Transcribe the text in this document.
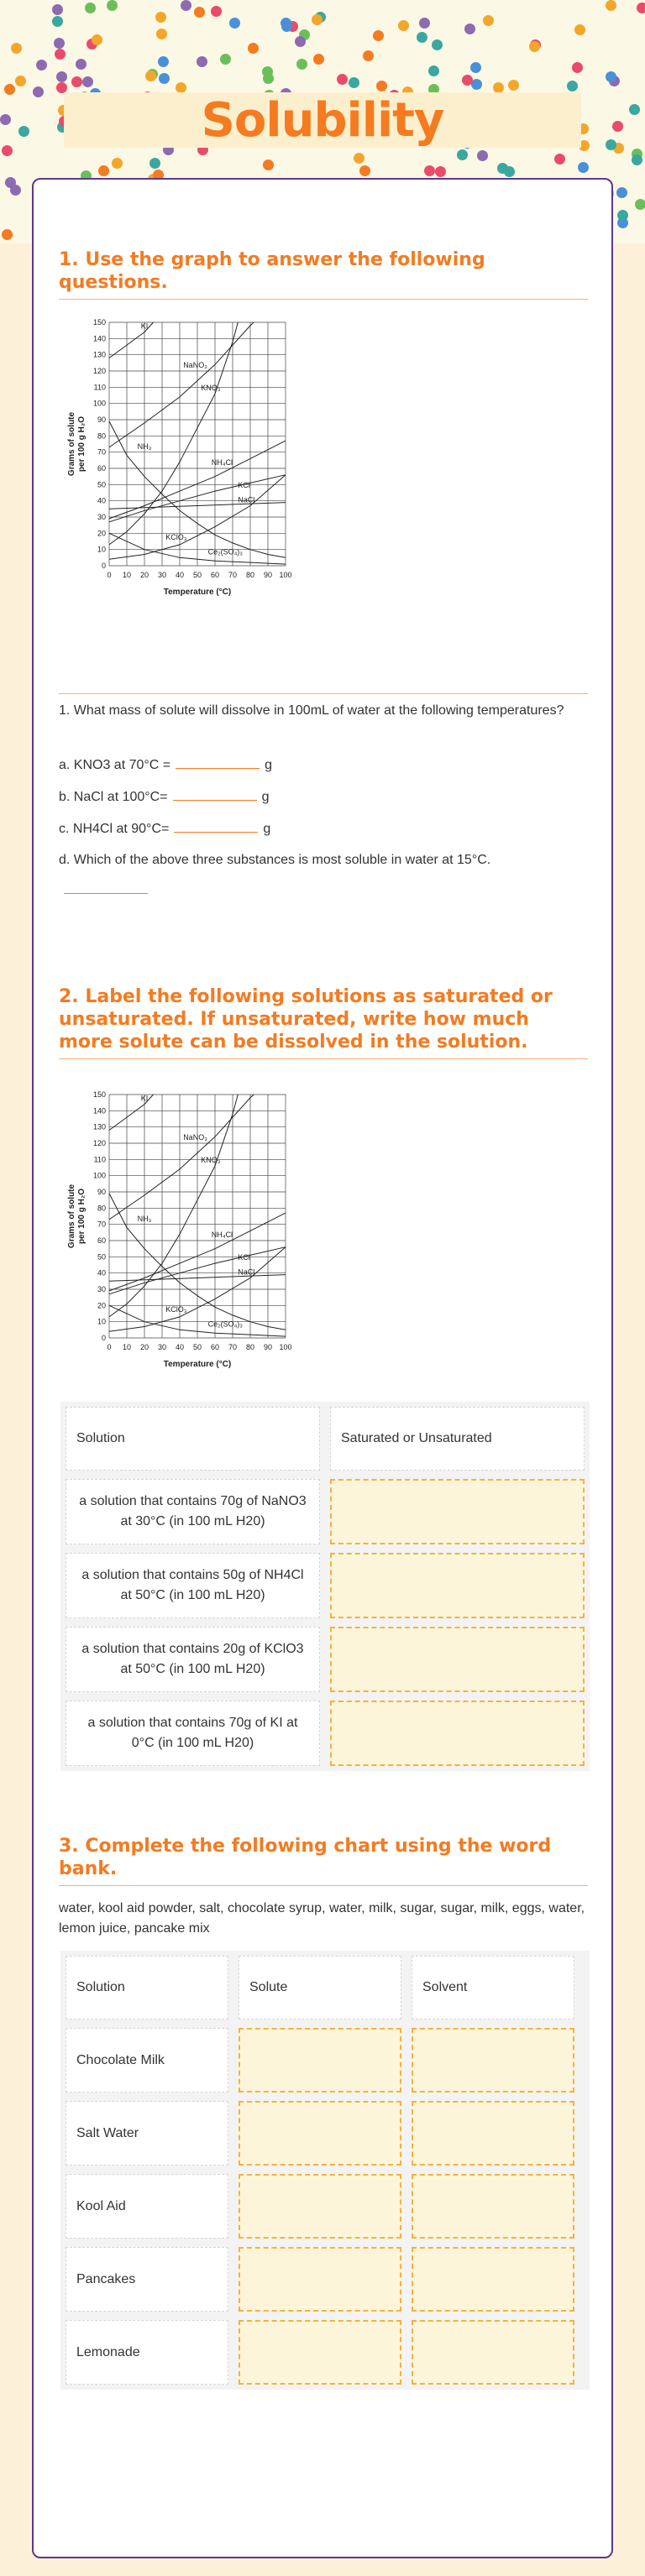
Solubility
1. Use the graph to answer the following questions.
0
10
20
30
40
50
60
70
80
90
100
110
120
130
140
150
0 10 20 30 40 50 60 70 80 90 100
Temperature (°C)
Grams of solute per 100 g H₂O
KI
NaNO₃
KNO₃
NH₃
NH₄Cl
KCl
NaCl
KClO₃
Ce₂(SO₄)₃
1. What mass of solute will dissolve in 100mL of water at the following temperatures?
a. KNO3 at 70°C =	g
b. NaCl at 100°C=	g
c. NH4Cl at 90°C=	g
d. Which of the above three substances is most soluble in water at 15°C.
2. Label the following solutions as saturated or unsaturated. If unsaturated, write how much more solute can be dissolved in the solution.
0
10
20
30
40
50
60
70
80
90
100
110
120
130
140
150
0 10 20 30 40 50 60 70 80 90 100
Temperature (°C)
Grams of solute per 100 g H₂O
KI
NaNO₃
KNO₃
NH₃
NH₄Cl
KCl
NaCl
KClO₃
Ce₂(SO₄)₃
Solution	Saturated or Unsaturated
a solution that contains 70g of NaNO3 at 30°C (in 100 mL H20)
a solution that contains 50g of NH4Cl at 50°C (in 100 mL H20)
a solution that contains 20g of KClO3 at 50°C (in 100 mL H20)
a solution that contains 70g of KI at 0°C (in 100 mL H20)
3. Complete the following chart using the word bank.
water, kool aid powder, salt, chocolate syrup, water, milk, sugar, sugar, milk, eggs, water, lemon juice, pancake mix
Solution	Solute	Solvent
Chocolate Milk
Salt Water
Kool Aid
Pancakes
Lemonade
